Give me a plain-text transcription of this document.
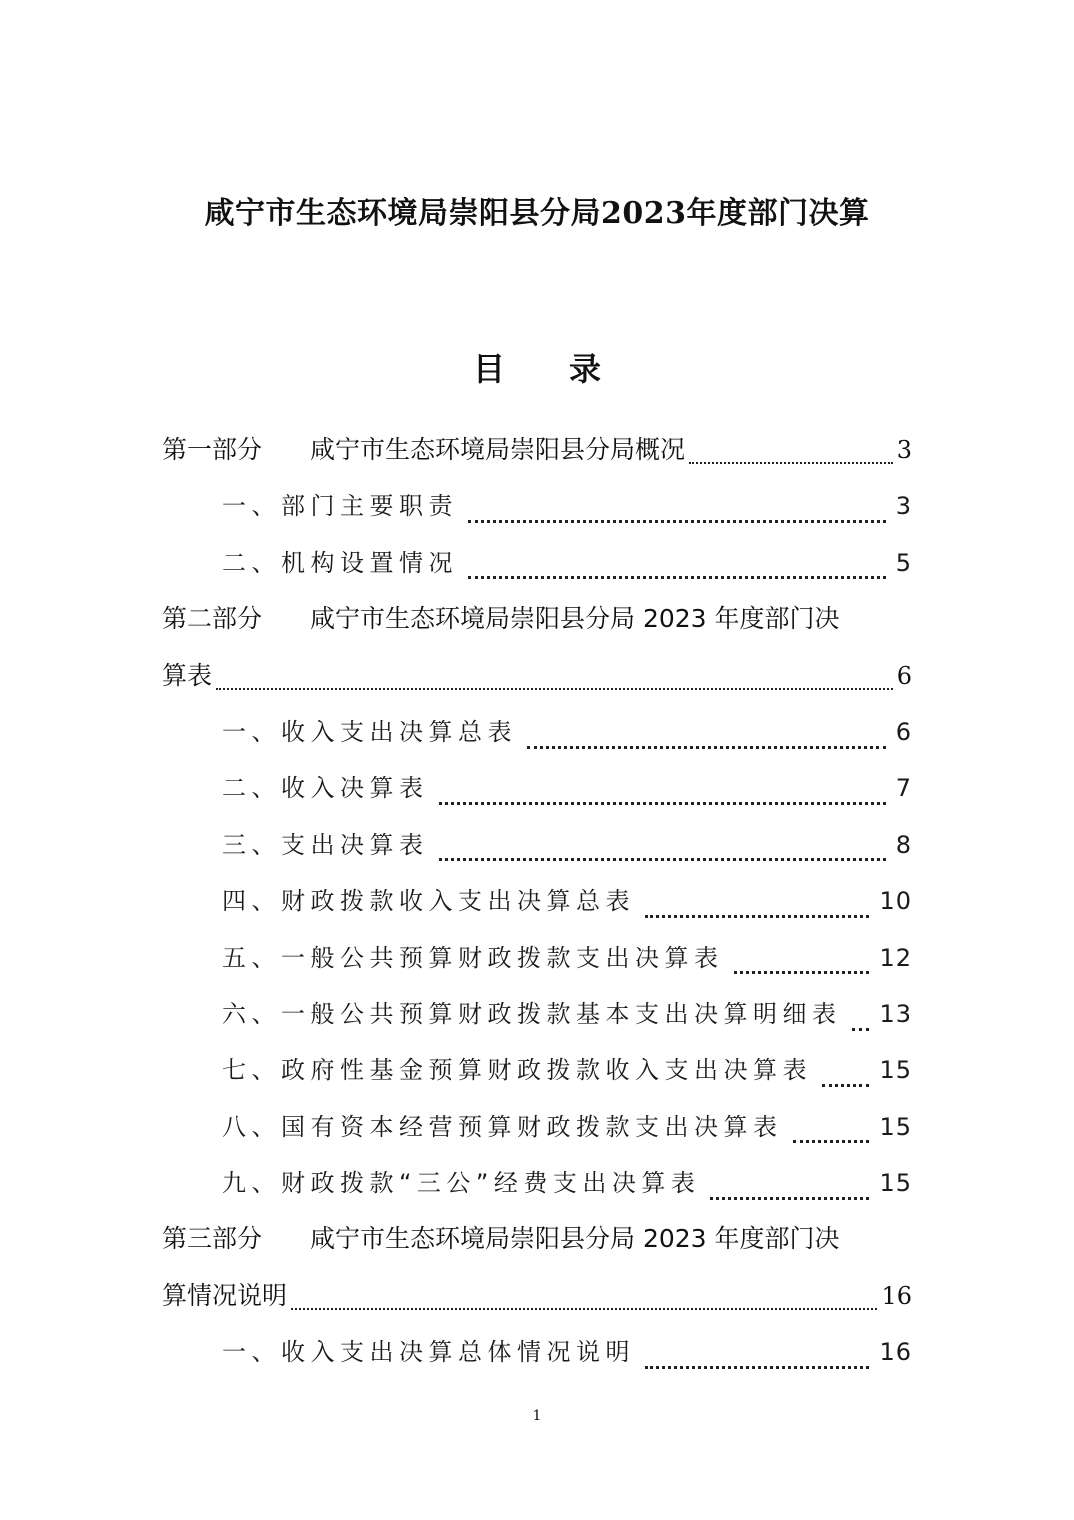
咸宁市生态环境局崇阳县分局2023年度部门决算
目 录
第一部分	咸宁市生态环境局崇阳县分局概况	3
一、部门主要职责	3
二、机构设置情况	5
第二部分 咸宁市生态环境局崇阳县分局 2023 年度部门决
算表	6
一、收入支出决算总表	6
二、收入决算表	7
三、支出决算表	8
四、财政拨款收入支出决算总表	10
五、一般公共预算财政拨款支出决算表	12
六、一般公共预算财政拨款基本支出决算明细表 13
七、政府性基金预算财政拨款收入支出决算表	15
八、国有资本经营预算财政拨款支出决算表	15
九、财政拨款“三公”经费支出决算表	15
第三部分 咸宁市生态环境局崇阳县分局 2023 年度部门决
算情况说明	16
一、收入支出决算总体情况说明	16
1
